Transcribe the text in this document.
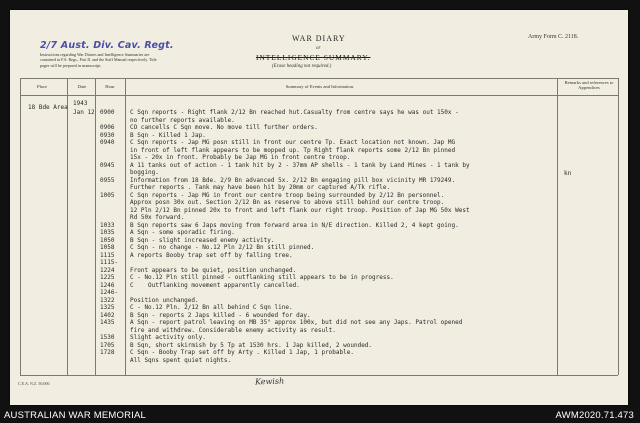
2/7 Aust. Div. Cav. Regt.
Instructions regarding War Diaries and Intelligence Summaries are contained in F.S. Regs., Part II. and the Staff Manual respectively. Title pages will be prepared in manuscript.
WAR DIARY
or
INTELLIGENCE SUMMARY.
(Erase heading not required.)
Army Form C. 2118.
Place	Date	Hour	Summary of Events and Information.
Remarks and references to Appendices
18 Bde Area
1943
Jan 12 0900	C Sqn reports - Right flank 2/12 Bn reached hut.Casualty from centre says he was out 150x -
no further reports available.
0906	CO cancells C Sqn move. No move till further orders.
0930	B Sqn - Killed 1 Jap.
0940	C Sqn reports - Jap MG posn still in front our centre Tp. Exact location not known. Jap MG
in front of left flank appears to be mopped up. Tp Right flank reports some 2/12 Bn pinned
15x - 20x in front. Probably be Jap MG in front centre troop.
0945	A 11 tanks out of action - 1 tank hit by 2 - 37mm AP shells - 1 tank by Land Mines - 1 tank by
bogging.
0955	Information from 18 Bde. 2/9 Bn advanced 5x. 2/12 Bn engaging pill box vicinity MR 179249.
Further reports . Tank may have been hit by 20mm or captured A/Tk rifle.
1005	C Sqn reports - Jap MG in front our centre troop being surrounded by 2/12 Bn personnel.
Approx posn 30x out. Section 2/12 Bn as reserve to above still behind our centre troop.
12 Pln 2/12 Bn pinned 20x to front and left flank our right troop. Position of Jap MG 50x West
Rd 50x forward.
1033	B Sqn reports saw 6 Japs moving from forward area in N/E direction. Killed 2, 4 kept going.
1035	A Sqn - some sporadic firing.
1050	B Sqn - slight increased enemy activity.
1058	C Sqn - no change - No.12 Pln 2/12 Bn still pinned.
1115	A reports Booby trap set off by falling tree.
1115-
1224	Front appears to be quiet, position unchanged.
1225	C - No.12 Pln still pinned - outflanking still appears to be in progress.
1246	C    Outflanking movement apparently cancelled.
1246-
1322	Position unchanged.
1325	C - No.12 Pln. 2/12 Bn all behind C Sqn line.
1402	B Sqn - reports 2 Japs killed - 6 wounded for day.
1435	A Sqn - report patrol leaving on MB 35° approx 100x, but did not see any Japs. Patrol opened
fire and withdrew. Considerable enemy activity as result.
1530	Slight activity only.
1705	B Sqn, short skirmish by 5 Tp at 1530 hrs. 1 Jap killed, 2 wounded.
1728	C Sqn - Booby Trap set off by Arty . Killed 1 Jap, 1 probable.
All Sqns spent quiet nights.
kn
C.E.A. N.Z. 50,000.	Kewish
AUSTRALIAN WAR MEMORIAL	AWM2020.71.473
